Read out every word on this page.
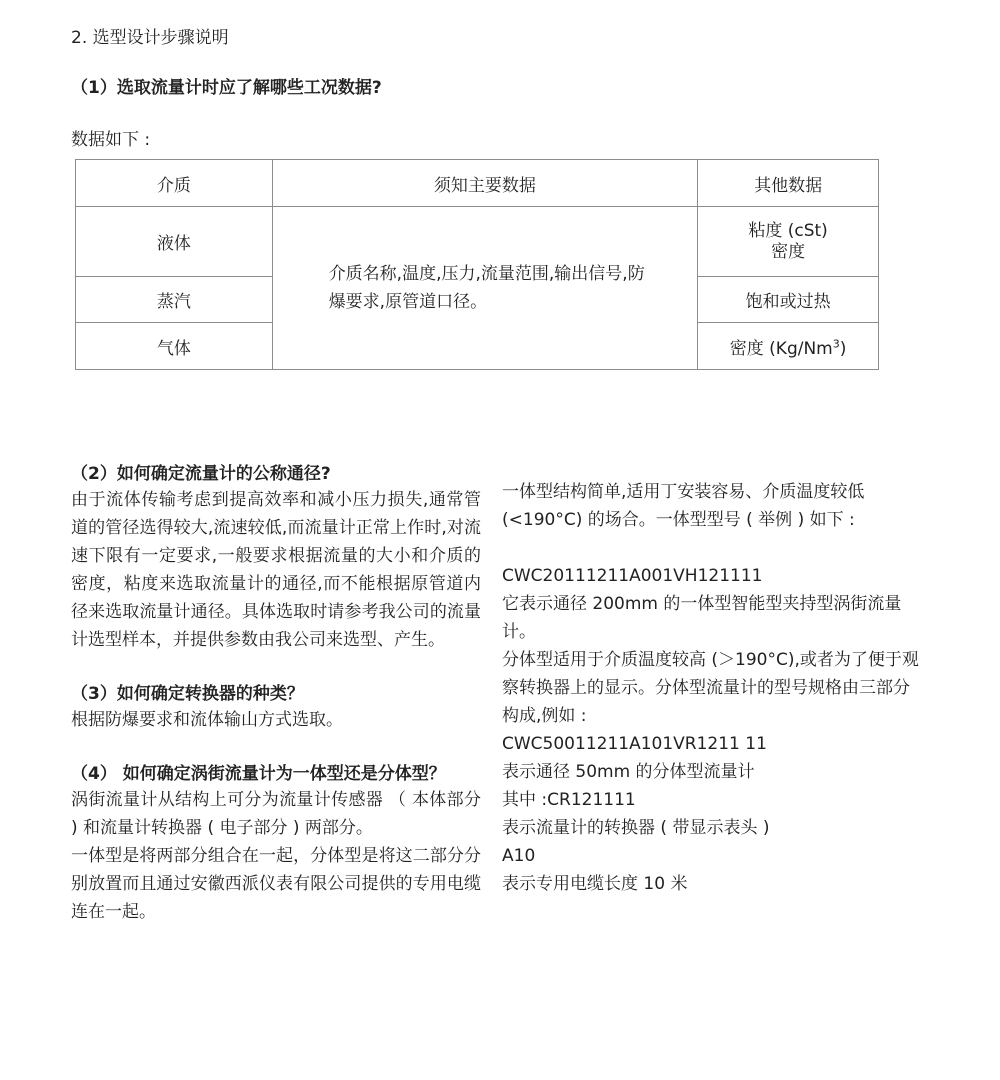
2. 选型设计步骤说明
（1）选取流量计时应了解哪些工况数据?
数据如下 :
介质	须知主要数据	其他数据
液体	介质名称,温度,压力,流量范围,输出信号,防爆要求,原管道口径。	粘度 (cSt)
密度

蒸汽		饱和或过热
气体		密度 (Kg/Nm$^3$)

（2）如何确定流量计的公称通径?

由于流体传输考虑到提高效率和减小压力损失,通常管道的管径选得较大,流速较低,而流量计正常上作时,对流速下限有一定要求,一般要求根据流量的大小和介质的密度，粘度来选取流量计的通径,而不能根据原管道内径来选取流量计通径。具体选取时请参考我公司的流量计选型样本，并提供参数由我公司来选型、产生。

（3）如何确定转换器的种类？

根据防爆要求和流体输山方式选取。

（4） 如何确定涡街流量计为一体型还是分体型？

涡街流量计从结构上可分为流量计传感器 （ 本体部分 ) 和流量计转换器 ( 电子部分 ) 两部分。

一体型是将两部分组合在一起，分体型是将这二部分分别放置而且通过安徽西派仪表有限公司提供的专用电缆连在一起。

一体型结构简单,适用丁安装容易、介质温度较低(<190°C) 的场合。一体型型号 ( 举例 ) 如下 :

CWC20111211A001VH121111

它表示通径 200mm 的一体型智能型夹持型涡街流量计。

分体型适用于介质温度较高 (＞190°C),或者为了便于观察转换器上的显示。分体型流量计的型号规格由三部分构成,例如 :

CWC50011211A101VR1211 11

表示通径 50mm 的分体型流量计

其中 :CR121111

表示流量计的转换器 ( 带显示表头 )

A10

表示专用电缆长度 10 米
